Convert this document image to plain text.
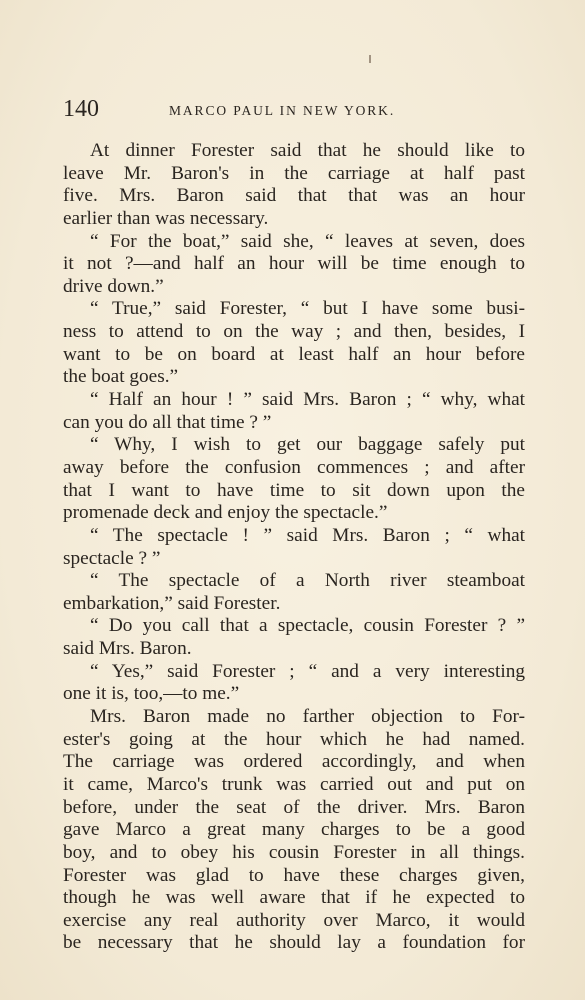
140	MARCO PAUL IN NEW YORK.
At dinner Forester said that he should like to
leave Mr. Baron's in the carriage at half past
five. Mrs. Baron said that that was an hour
earlier than was necessary.
“ For the boat,” said she, “ leaves at seven, does
it not ?—and half an hour will be time enough to
drive down.”
“ True,” said Forester, “ but I have some busi-
ness to attend to on the way ; and then, besides, I
want to be on board at least half an hour before
the boat goes.”
“ Half an hour ! ” said Mrs. Baron ; “ why, what
can you do all that time ? ”
“ Why, I wish to get our baggage safely put
away before the confusion commences ; and after
that I want to have time to sit down upon the
promenade deck and enjoy the spectacle.”
“ The spectacle ! ” said Mrs. Baron ; “ what
spectacle ? ”
“ The spectacle of a North river steamboat
embarkation,” said Forester.
“ Do you call that a spectacle, cousin Forester ? ”
said Mrs. Baron.
“ Yes,” said Forester ; “ and a very interesting
one it is, too,—to me.”
Mrs. Baron made no farther objection to For-
ester's going at the hour which he had named.
The carriage was ordered accordingly, and when
it came, Marco's trunk was carried out and put on
before, under the seat of the driver. Mrs. Baron
gave Marco a great many charges to be a good
boy, and to obey his cousin Forester in all things.
Forester was glad to have these charges given,
though he was well aware that if he expected to
exercise any real authority over Marco, it would
be necessary that he should lay a foundation for
